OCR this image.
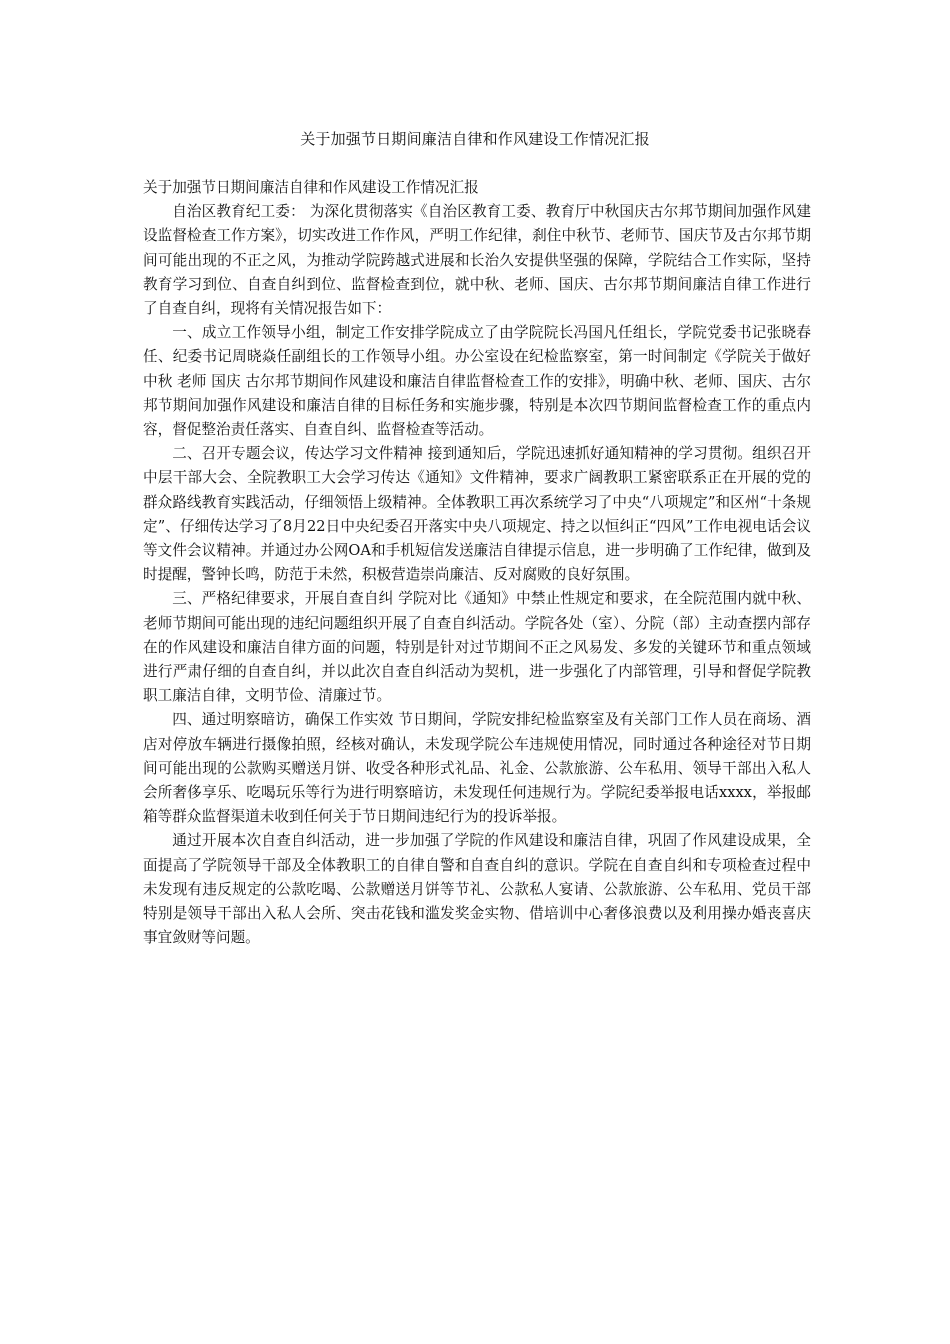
关于加强节日期间廉洁自律和作风建设工作情况汇报

关于加强节日期间廉洁自律和作风建设工作情况汇报

自治区教育纪工委： 为深化贯彻落实《自治区教育工委、教育厅中秋国庆古尔邦节期间加强作风建设监督检查工作方案》，切实改进工作作风，严明工作纪律，刹住中秋节、老师节、国庆节及古尔邦节期间可能出现的不正之风，为推动学院跨越式进展和长治久安提供坚强的保障，学院结合工作实际，坚持教育学习到位、自查自纠到位、监督检查到位，就中秋、老师、国庆、古尔邦节期间廉洁自律工作进行了自查自纠，现将有关情况报告如下：

一、成立工作领导小组，制定工作安排学院成立了由学院院长冯国凡任组长，学院党委书记张晓春任、纪委书记周晓焱任副组长的工作领导小组。办公室设在纪检监察室，第一时间制定《学院关于做好中秋 老师 国庆 古尔邦节期间作风建设和廉洁自律监督检查工作的安排》，明确中秋、老师、国庆、古尔邦节期间加强作风建设和廉洁自律的目标任务和实施步骤，特别是本次四节期间监督检查工作的重点内容，督促整治责任落实、自查自纠、监督检查等活动。

二、召开专题会议，传达学习文件精神 接到通知后，学院迅速抓好通知精神的学习贯彻。组织召开中层干部大会、全院教职工大会学习传达《通知》文件精神，要求广阔教职工紧密联系正在开展的党的群众路线教育实践活动，仔细领悟上级精神。全体教职工再次系统学习了中央“八项规定”和区州“十条规定”、仔细传达学习了8月22日中央纪委召开落实中央八项规定、持之以恒纠正“四风”工作电视电话会议等文件会议精神。并通过办公网OA和手机短信发送廉洁自律提示信息，进一步明确了工作纪律，做到及时提醒，警钟长鸣，防范于未然，积极营造崇尚廉洁、反对腐败的良好氛围。

三、严格纪律要求，开展自查自纠 学院对比《通知》中禁止性规定和要求，在全院范围内就中秋、老师节期间可能出现的违纪问题组织开展了自查自纠活动。学院各处（室）、分院（部）主动查摆内部存在的作风建设和廉洁自律方面的问题，特别是针对过节期间不正之风易发、多发的关键环节和重点领域进行严肃仔细的自查自纠，并以此次自查自纠活动为契机，进一步强化了内部管理，引导和督促学院教职工廉洁自律，文明节俭、清廉过节。

四、通过明察暗访，确保工作实效 节日期间，学院安排纪检监察室及有关部门工作人员在商场、酒店对停放车辆进行摄像拍照，经核对确认，未发现学院公车违规使用情况，同时通过各种途径对节日期间可能出现的公款购买赠送月饼、收受各种形式礼品、礼金、公款旅游、公车私用、领导干部出入私人会所奢侈享乐、吃喝玩乐等行为进行明察暗访，未发现任何违规行为。学院纪委举报电话xxxx，举报邮箱等群众监督渠道未收到任何关于节日期间违纪行为的投诉举报。

通过开展本次自查自纠活动，进一步加强了学院的作风建设和廉洁自律，巩固了作风建设成果，全面提高了学院领导干部及全体教职工的自律自警和自查自纠的意识。学院在自查自纠和专项检查过程中未发现有违反规定的公款吃喝、公款赠送月饼等节礼、公款私人宴请、公款旅游、公车私用、党员干部特别是领导干部出入私人会所、突击花钱和滥发奖金实物、借培训中心奢侈浪费以及利用操办婚丧喜庆事宜敛财等问题。
